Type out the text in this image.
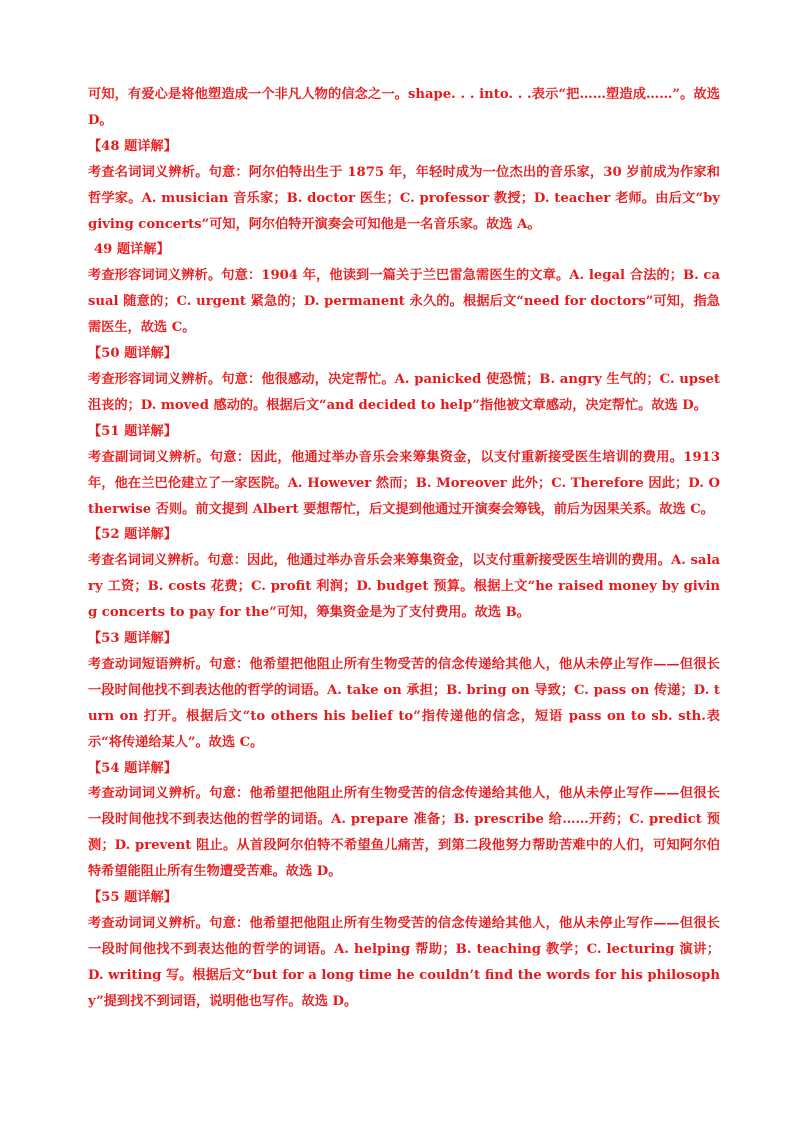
可知，有爱心是将他塑造成一个非凡人物的信念之一。shape. . . into. . .表示“把……塑造成……”。故选 D。

【48 题详解】

考查名词词义辨析。句意：阿尔伯特出生于 1875 年，年轻时成为一位杰出的音乐家，30 岁前成为作家和哲学家。A. musician 音乐家；B. doctor 医生；C. professor 教授；D. teacher 老师。由后文“by giving concerts”可知，阿尔伯特开演奏会可知他是一名音乐家。故选 A。

49 题详解】

考查形容词词义辨析。句意：1904 年，他读到一篇关于兰巴雷急需医生的文章。A. legal 合法的；B. casual 随意的；C. urgent 紧急的；D. permanent 永久的。根据后文“need for doctors”可知，指急需医生，故选 C。

【50 题详解】

考查形容词词义辨析。句意：他很感动，决定帮忙。A. panicked 使恐慌；B. angry 生气的；C. upset 沮丧的；D. moved 感动的。根据后文“and decided to help”指他被文章感动，决定帮忙。故选 D。

【51 题详解】

考查副词词义辨析。句意：因此，他通过举办音乐会来筹集资金，以支付重新接受医生培训的费用。1913 年，他在兰巴伦建立了一家医院。A. However 然而；B. Moreover 此外；C. Therefore 因此；D. Otherwise 否则。前文提到 Albert 要想帮忙，后文提到他通过开演奏会筹钱，前后为因果关系。故选 C。

【52 题详解】

考查名词词义辨析。句意：因此，他通过举办音乐会来筹集资金，以支付重新接受医生培训的费用。A. salary 工资；B. costs 花费；C. profit 利润；D. budget 预算。根据上文“he raised money by giving concerts to pay for the”可知，筹集资金是为了支付费用。故选 B。

【53 题详解】

考查动词短语辨析。句意：他希望把他阻止所有生物受苦的信念传递给其他人，他从未停止写作——但很长一段时间他找不到表达他的哲学的词语。A. take on 承担；B. bring on 导致；C. pass on 传递；D. turn on 打开。根据后文“to others his belief to”指传递他的信念，短语 pass on to sb. sth.表示“将传递给某人”。故选 C。

【54 题详解】

考查动词词义辨析。句意：他希望把他阻止所有生物受苦的信念传递给其他人，他从未停止写作——但很长一段时间他找不到表达他的哲学的词语。A. prepare 准备；B. prescribe 给……开药；C. predict 预测；D. prevent 阻止。从首段阿尔伯特不希望鱼儿痛苦，到第二段他努力帮助苦难中的人们，可知阿尔伯特希望能阻止所有生物遭受苦难。故选 D。

【55 题详解】

考查动词词义辨析。句意：他希望把他阻止所有生物受苦的信念传递给其他人，他从未停止写作——但很长一段时间他找不到表达他的哲学的词语。A. helping 帮助；B. teaching 教学；C. lecturing 演讲；D. writing 写。根据后文“but for a long time he couldn’t find the words for his philosophy”提到找不到词语，说明他也写作。故选 D。
